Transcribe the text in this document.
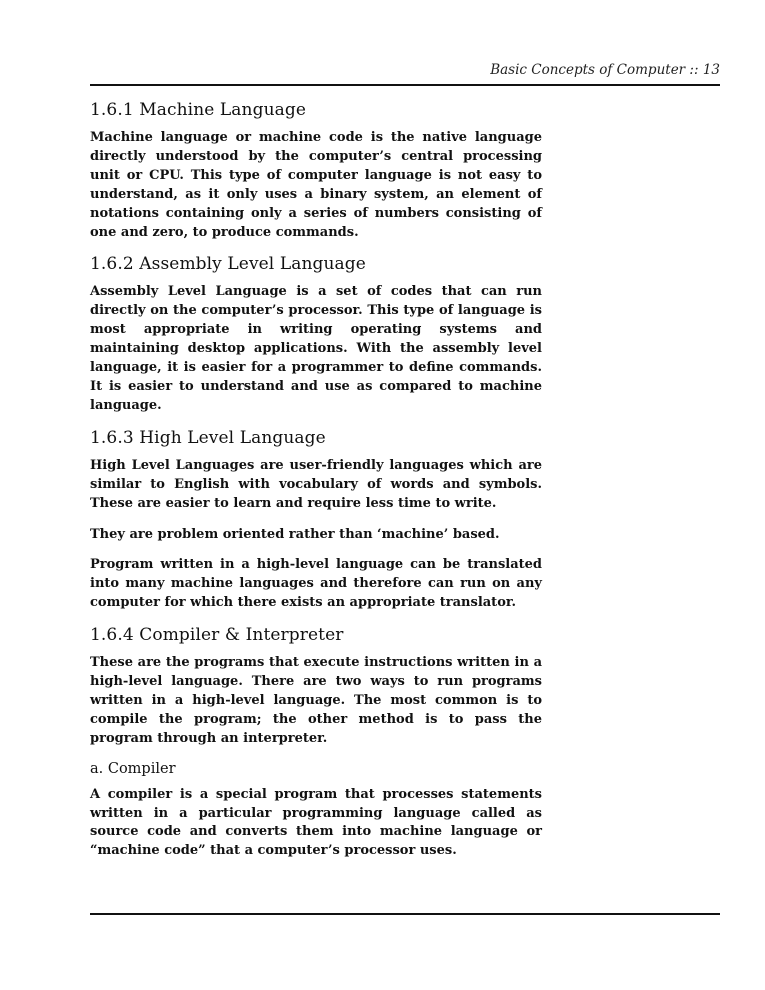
Basic Concepts of Computer :: 13
1.6.1 Machine Language

Machine language or machine code is the native language directly understood by the computer’s central processing unit or CPU. This type of computer language is not easy to understand, as it only uses a binary system, an element of notations containing only a series of numbers consisting of one and zero, to produce commands.

1.6.2 Assembly Level Language

Assembly Level Language is a set of codes that can run directly on the computer’s processor. This type of language is most appropriate in writing operating systems and maintaining desktop applications. With the assembly level language, it is easier for a programmer to define commands. It is easier to understand and use as compared to machine language.

1.6.3 High Level Language

High Level Languages are user-friendly languages which are similar to English with vocabulary of words and symbols. These are easier to learn and require less time to write.

They are problem oriented rather than ‘machine’ based.

Program written in a high-level language can be translated into many machine languages and therefore can run on any computer for which there exists an appropriate translator.

1.6.4 Compiler & Interpreter

These are the programs that execute instructions written in a high-level language. There are two ways to run programs written in a high-level language. The most common is to compile the program; the other method is to pass the program through an interpreter.

a. Compiler

A compiler is a special program that processes statements written in a particular programming language called as source code and converts them into machine language or “machine code” that a computer’s processor uses.
